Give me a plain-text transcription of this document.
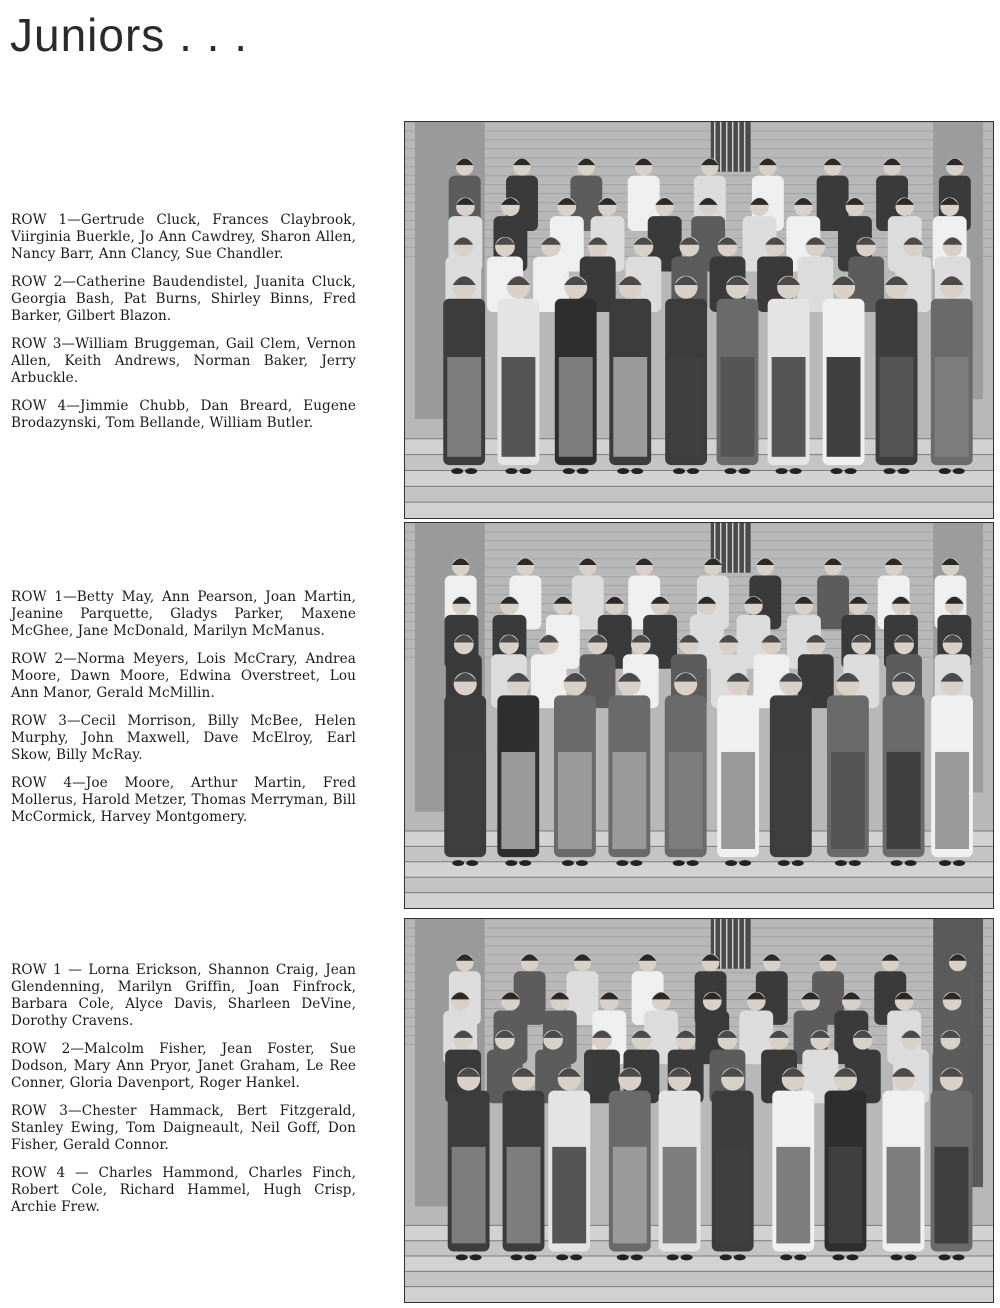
Juniors . . .

ROW 1—Gertrude Cluck, Frances Claybrook, Viirginia Buerkle, Jo Ann Cawdrey, Sharon Allen, Nancy Barr, Ann Clancy, Sue Chandler.

ROW 2—Catherine Baudendistel, Juanita Cluck, Georgia Bash, Pat Burns, Shirley Binns, Fred Barker, Gilbert Blazon.

ROW 3—William Bruggeman, Gail Clem, Vernon Allen, Keith Andrews, Norman Baker, Jerry Arbuckle.

ROW 4—Jimmie Chubb, Dan Breard, Eugene Brodazynski, Tom Bellande, William Butler.

ROW 1—Betty May, Ann Pearson, Joan Martin, Jeanine Parquette, Gladys Parker, Maxene McGhee, Jane McDonald, Marilyn McManus.

ROW 2—Norma Meyers, Lois McCrary, Andrea Moore, Dawn Moore, Edwina Overstreet, Lou Ann Manor, Gerald McMillin.

ROW 3—Cecil Morrison, Billy McBee, Helen Murphy, John Maxwell, Dave McElroy, Earl Skow, Billy McRay.

ROW 4—Joe Moore, Arthur Martin, Fred Mollerus, Harold Metzer, Thomas Merryman, Bill McCormick, Harvey Montgomery.

ROW 1 — Lorna Erickson, Shannon Craig, Jean Glendenning, Marilyn Griffin, Joan Finfrock, Barbara Cole, Alyce Davis, Sharleen DeVine, Dorothy Cravens.

ROW 2—Malcolm Fisher, Jean Foster, Sue Dodson, Mary Ann Pryor, Janet Graham, Le Ree Conner, Gloria Davenport, Roger Hankel.

ROW 3—Chester Hammack, Bert Fitzgerald, Stanley Ewing, Tom Daigneault, Neil Goff, Don Fisher, Gerald Connor.

ROW 4 — Charles Hammond, Charles Finch, Robert Cole, Richard Hammel, Hugh Crisp, Archie Frew.
